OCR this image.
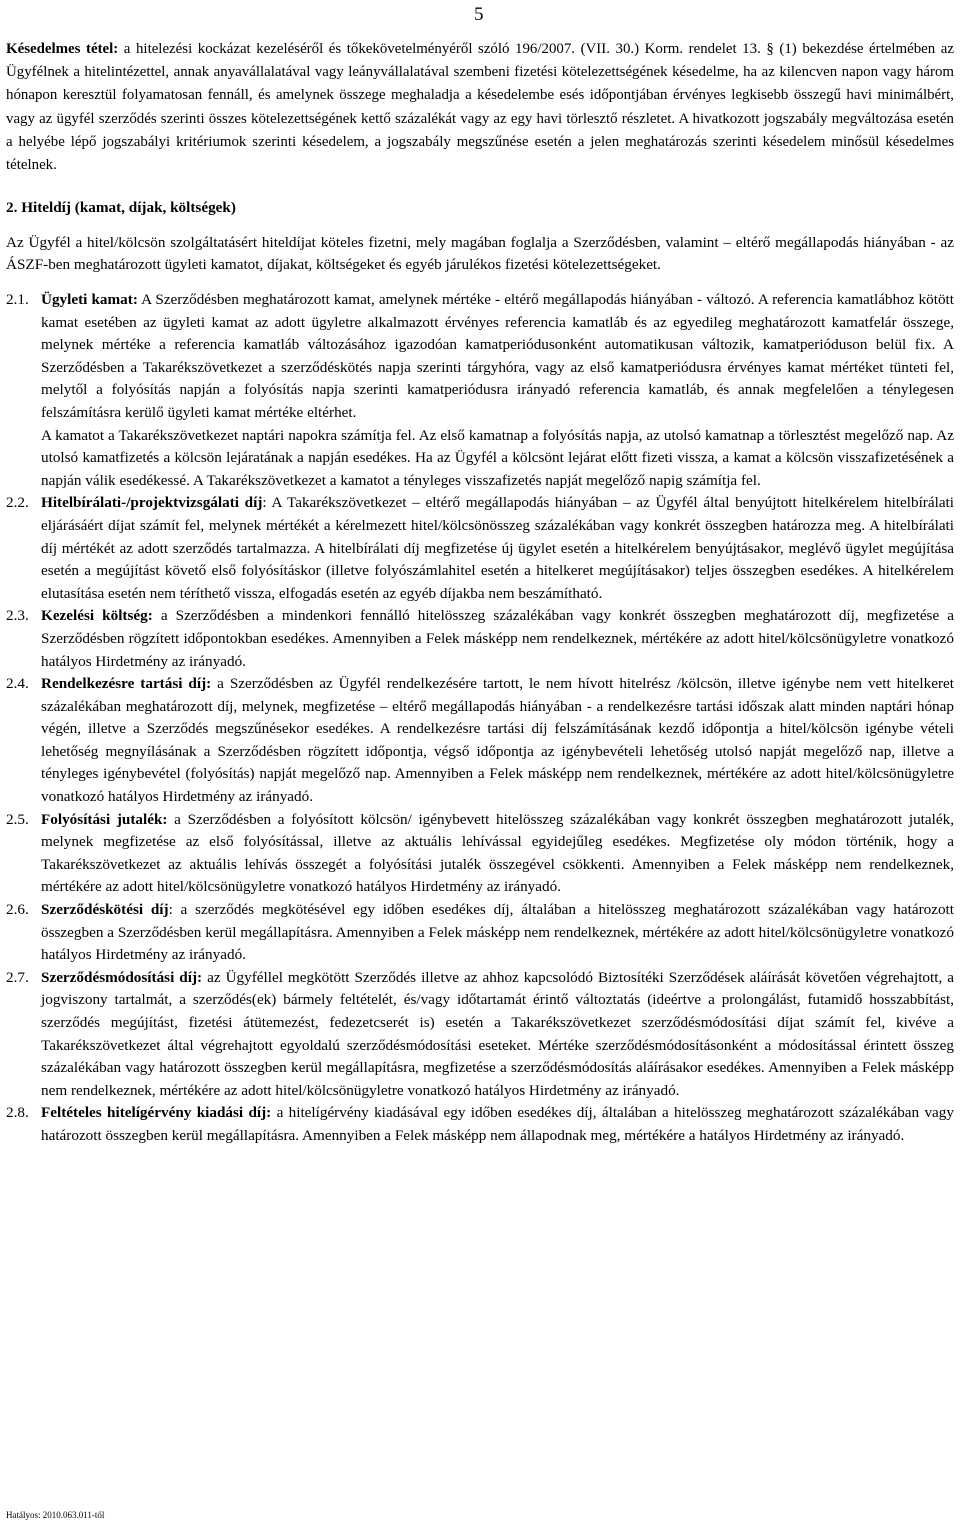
5

Késedelmes tétel: a hitelezési kockázat kezeléséről és tőkekövetelményéről szóló 196/2007. (VII. 30.) Korm. rendelet 13. § (1) bekezdése értelmében az Ügyfélnek a hitelintézettel, annak anyavállalatával vagy leányvállalatával szembeni fizetési kötelezettségének késedelme, ha az kilencven napon vagy három hónapon keresztül folyamatosan fennáll, és amelynek összege meghaladja a késedelembe esés időpontjában érvényes legkisebb összegű havi minimálbért, vagy az ügyfél szerződés szerinti összes kötelezettségének kettő százalékát vagy az egy havi törlesztő részletet. A hivatkozott jogszabály megváltozása esetén a helyébe lépő jogszabályi kritériumok szerinti késedelem, a jogszabály megszűnése esetén a jelen meghatározás szerinti késedelem minősül késedelmes tételnek.

2. Hiteldíj (kamat, díjak, költségek)

Az Ügyfél a hitel/kölcsön szolgáltatásért hiteldíjat köteles fizetni, mely magában foglalja a Szerződésben, valamint – eltérő megállapodás hiányában - az ÁSZF-ben meghatározott ügyleti kamatot, díjakat, költségeket és egyéb járulékos fizetési kötelezettségeket.

2.1. Ügyleti kamat: A Szerződésben meghatározott kamat, amelynek mértéke - eltérő megállapodás hiányában - változó. A referencia kamatlábhoz kötött kamat esetében az ügyleti kamat az adott ügyletre alkalmazott érvényes referencia kamatláb és az egyedileg meghatározott kamatfelár összege, melynek mértéke a referencia kamatláb változásához igazodóan kamatperiódusonként automatikusan változik, kamatperióduson belül fix. A Szerződésben a Takarékszövetkezet a szerződéskötés napja szerinti tárgyhóra, vagy az első kamatperiódusra érvényes kamat mértéket tünteti fel, melytől a folyósítás napján a folyósítás napja szerinti kamatperiódusra irányadó referencia kamatláb, és annak megfelelően a ténylegesen felszámításra kerülő ügyleti kamat mértéke eltérhet.

A kamatot a Takarékszövetkezet naptári napokra számítja fel. Az első kamatnap a folyósítás napja, az utolsó kamatnap a törlesztést megelőző nap. Az utolsó kamatfizetés a kölcsön lejáratának a napján esedékes. Ha az Ügyfél a kölcsönt lejárat előtt fizeti vissza, a kamat a kölcsön visszafizetésének a napján válik esedékessé. A Takarékszövetkezet a kamatot a tényleges visszafizetés napját megelőző napig számítja fel.

2.2. Hitelbírálati-/projektvizsgálati díj: A Takarékszövetkezet – eltérő megállapodás hiányában – az Ügyfél által benyújtott hitelkérelem hitelbírálati eljárásáért díjat számít fel, melynek mértékét a kérelmezett hitel/kölcsönösszeg százalékában vagy konkrét összegben határozza meg. A hitelbírálati díj mértékét az adott szerződés tartalmazza. A hitelbírálati díj megfizetése új ügylet esetén a hitelkérelem benyújtásakor, meglévő ügylet megújítása esetén a megújítást követő első folyósításkor (illetve folyószámlahitel esetén a hitelkeret megújításakor) teljes összegben esedékes. A hitelkérelem elutasítása esetén nem téríthető vissza, elfogadás esetén az egyéb díjakba nem beszámítható.

2.3. Kezelési költség: a Szerződésben a mindenkori fennálló hitelösszeg százalékában vagy konkrét összegben meghatározott díj, megfizetése a Szerződésben rögzített időpontokban esedékes. Amennyiben a Felek másképp nem rendelkeznek, mértékére az adott hitel/kölcsönügyletre vonatkozó hatályos Hirdetmény az irányadó.

2.4. Rendelkezésre tartási díj: a Szerződésben az Ügyfél rendelkezésére tartott, le nem hívott hitelrész /kölcsön, illetve igénybe nem vett hitelkeret százalékában meghatározott díj, melynek, megfizetése – eltérő megállapodás hiányában - a rendelkezésre tartási időszak alatt minden naptári hónap végén, illetve a Szerződés megszűnésekor esedékes. A rendelkezésre tartási díj felszámításának kezdő időpontja a hitel/kölcsön igénybe vételi lehetőség megnyílásának a Szerződésben rögzített időpontja, végső időpontja az igénybevételi lehetőség utolsó napját megelőző nap, illetve a tényleges igénybevétel (folyósítás) napját megelőző nap. Amennyiben a Felek másképp nem rendelkeznek, mértékére az adott hitel/kölcsönügyletre vonatkozó hatályos Hirdetmény az irányadó.

2.5. Folyósítási jutalék: a Szerződésben a folyósított kölcsön/ igénybevett hitelösszeg százalékában vagy konkrét összegben meghatározott jutalék, melynek megfizetése az első folyósítással, illetve az aktuális lehívással egyidejűleg esedékes. Megfizetése oly módon történik, hogy a Takarékszövetkezet az aktuális lehívás összegét a folyósítási jutalék összegével csökkenti. Amennyiben a Felek másképp nem rendelkeznek, mértékére az adott hitel/kölcsönügyletre vonatkozó hatályos Hirdetmény az irányadó.

2.6. Szerződéskötési díj: a szerződés megkötésével egy időben esedékes díj, általában a hitelösszeg meghatározott százalékában vagy határozott összegben a Szerződésben kerül megállapításra. Amennyiben a Felek másképp nem rendelkeznek, mértékére az adott hitel/kölcsönügyletre vonatkozó hatályos Hirdetmény az irányadó.

2.7. Szerződésmódosítási díj: az Ügyféllel megkötött Szerződés illetve az ahhoz kapcsolódó Biztosítéki Szerződések aláírását követően végrehajtott, a jogviszony tartalmát, a szerződés(ek) bármely feltételét, és/vagy időtartamát érintő változtatás (ideértve a prolongálást, futamidő hosszabbítást, szerződés megújítást, fizetési átütemezést, fedezetcserét is) esetén a Takarékszövetkezet szerződésmódosítási díjat számít fel, kivéve a Takarékszövetkezet által végrehajtott egyoldalú szerződésmódosítási eseteket. Mértéke szerződésmódosításonként a módosítással érintett összeg százalékában vagy határozott összegben kerül megállapításra, megfizetése a szerződésmódosítás aláírásakor esedékes. Amennyiben a Felek másképp nem rendelkeznek, mértékére az adott hitel/kölcsönügyletre vonatkozó hatályos Hirdetmény az irányadó.

2.8. Feltételes hitelígérvény kiadási díj: a hitelígérvény kiadásával egy időben esedékes díj, általában a hitelösszeg meghatározott százalékában vagy határozott összegben kerül megállapításra. Amennyiben a Felek másképp nem állapodnak meg, mértékére a hatályos Hirdetmény az irányadó.

Hatályos: 2010.063.011-től
